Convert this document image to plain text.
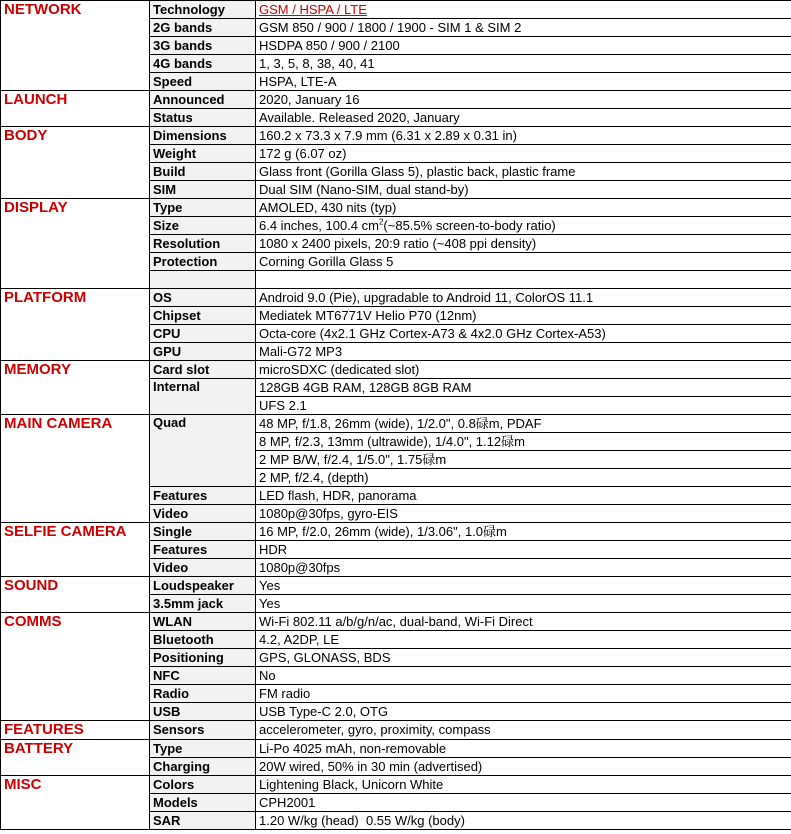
NETWORK	Technology	GSM / HSPA / LTE
	2G bands	GSM 850 / 900 / 1800 / 1900 - SIM 1 & SIM 2
	3G bands	HSDPA 850 / 900 / 2100
	4G bands	1, 3, 5, 8, 38, 40, 41
	Speed	HSPA, LTE-A
LAUNCH	Announced	2020, January 16
	Status	Available. Released 2020, January
BODY	Dimensions	160.2 x 73.3 x 7.9 mm (6.31 x 2.89 x 0.31 in)
	Weight	172 g (6.07 oz)
	Build	Glass front (Gorilla Glass 5), plastic back, plastic frame
	SIM	Dual SIM (Nano-SIM, dual stand-by)
DISPLAY	Type	AMOLED, 430 nits (typ)
	Size	6.4 inches, 100.4 $cm^2(\sim 85.5\%$ screen-to-body ratio)
	Resolution	1080 x 2400 pixels, 20:9 ratio (~408 ppi density)
	Protection	Corning Gorilla Glass 5

PLATFORM	OS	Android 9.0 (Pie), upgradable to Android 11, ColorOS 11.1
	Chipset	Mediatek MT6771V Helio P70 (12nm)
	CPU	Octa-core (4x2.1 GHz Cortex-A73 & 4x2.0 GHz Cortex-A53)
	GPU	Mali-G72 MP3
MEMORY	Card slot	microSDXC (dedicated slot)
	Internal	128GB 4GB RAM, 128GB 8GB RAM
		UFS 2.1
MAIN CAMERA	Quad	48 MP, f/1.8, 26mm (wide), 1/2.0", 0.8碌m, PDAF
		8 MP, f/2.3, 13mm (ultrawide), 1/4.0", 1.12碌m
		2 MP B/W, f/2.4, 1/5.0", 1.75碌m
		2 MP, f/2.4, (depth)
	Features	LED flash, HDR, panorama
	Video	1080p@30fps, gyro-EIS
SELFIE CAMERA	Single	16 MP, f/2.0, 26mm (wide), 1/3.06", 1.0碌m
	Features	HDR
	Video	1080p@30fps
SOUND	Loudspeaker	Yes
	3.5mm jack	Yes
COMMS	WLAN	Wi-Fi 802.11 a/b/g/n/ac, dual-band, Wi-Fi Direct
	Bluetooth	4.2, A2DP, LE
	Positioning	GPS, GLONASS, BDS
	NFC	No
	Radio	FM radio
	USB	USB Type-C 2.0, OTG
FEATURES	Sensors	accelerometer, gyro, proximity, compass
BATTERY	Type	Li-Po 4025 mAh, non-removable
	Charging	20W wired, 50% in 30 min (advertised)
MISC	Colors	Lightening Black, Unicorn White
	Models	CPH2001
	SAR	1.20 W/kg (head)  0.55 W/kg (body)
